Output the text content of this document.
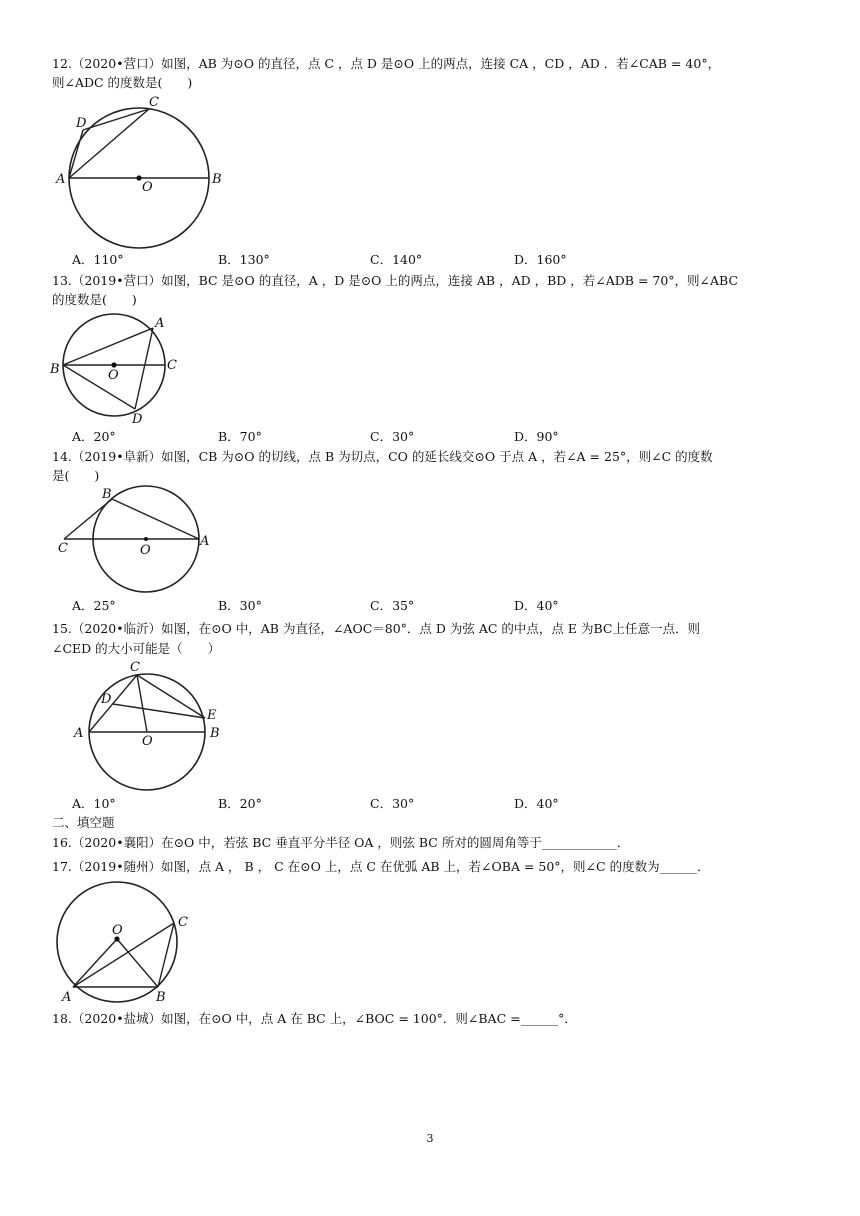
12.（2020•营口）如图，AB 为⊙O 的直径，点 C ，点 D 是⊙O 上的两点，连接 CA ，CD ，AD ．若∠CAB = 40°，
则∠ADC 的度数是(　　)
A	B
C
D
O
A．110°	B．130°	C．140°	D．160°
13.（2019•营口）如图，BC 是⊙O 的直径，A ，D 是⊙O 上的两点，连接 AB ，AD ，BD ，若∠ADB = 70°，则∠ABC
的度数是(　　)
B	C
A
D
O
A．20°	B．70°	C．30°	D．90°
14.（2019•阜新）如图，CB 为⊙O 的切线，点 B 为切点，CO 的延长线交⊙O 于点 A ，若∠A = 25°，则∠C 的度数
是(　　)
B
C	A
O
A．25°	B．30°	C．35°	D．40°
15.（2020•临沂）如图，在⊙O 中，AB 为直径，∠AOC＝80°．点 D 为弦 AC 的中点，点 E 为BC上任意一点．则
∠CED 的大小可能是（　　）
C
D
E
A	B
O
A．10°	B．20°	C．30°	D．40°
二、填空题
16.（2020•襄阳）在⊙O 中，若弦 BC 垂直平分半径 OA ，则弦 BC 所对的圆周角等于____________．
17.（2019•随州）如图，点 A ， B ， C 在⊙O 上，点 C 在优弧 AB 上，若∠OBA = 50°，则∠C 的度数为______．
O
C
A	B
18.（2020•盐城）如图，在⊙O 中，点 A 在 BC 上，∠BOC = 100°．则∠BAC =______°．
3
